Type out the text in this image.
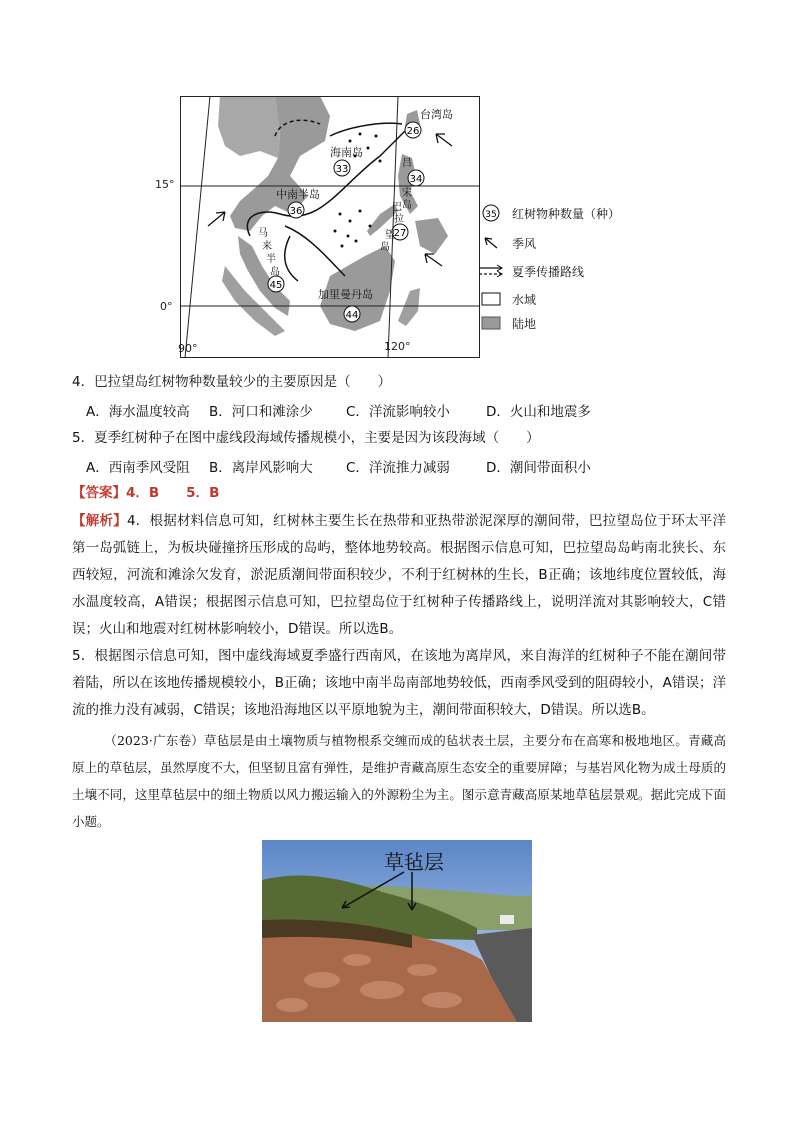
26
33
34
36
27
45
44
台湾岛
海南岛
中南半岛
加里曼丹岛
马
来
半
岛
吕
宋
岛
巴
拉
望
岛
15°
0°
90°	120°
35 红树物种数量（种）
季风
夏季传播路线
水域
陆地
4．巴拉望岛红树物种数量较少的主要原因是（　　）
A．海水温度较高 B．河口和滩涂少 C．洋流影响较小	D．火山和地震多
5．夏季红树种子在图中虚线段海域传播规模小，主要是因为该段海域（　　）
A．西南季风受阻 B．离岸风影响大 C．洋流推力减弱	D．潮间带面积小
【答案】4．B　　5．B
【解析】4．根据材料信息可知，红树林主要生长在热带和亚热带淤泥深厚的潮间带，巴拉望岛位于环太平洋第一岛弧链上，为板块碰撞挤压形成的岛屿，整体地势较高。根据图示信息可知，巴拉望岛岛屿南北狭长、东西较短，河流和滩涂欠发育，淤泥质潮间带面积较少，不利于红树林的生长，B正确；该地纬度位置较低，海水温度较高，A错误；根据图示信息可知，巴拉望岛位于红树种子传播路线上，说明洋流对其影响较大，C错误；火山和地震对红树林影响较小，D错误。所以选B。
5．根据图示信息可知，图中虚线海域夏季盛行西南风，在该地为离岸风，来自海洋的红树种子不能在潮间带着陆，所以在该地传播规模较小，B正确；该地中南半岛南部地势较低，西南季风受到的阻碍较小，A错误；洋流的推力没有减弱，C错误；该地沿海地区以平原地貌为主，潮间带面积较大，D错误。所以选B。
（2023·广东卷）草毡层是由土壤物质与植物根系交缠而成的毡状表土层，主要分布在高寒和极地地区。青藏高原上的草毡层，虽然厚度不大，但坚韧且富有弹性，是维护青藏高原生态安全的重要屏障；与基岩风化物为成土母质的土壤不同，这里草毡层中的细土物质以风力搬运输入的外源粉尘为主。图示意青藏高原某地草毡层景观。据此完成下面小题。
草毡层
